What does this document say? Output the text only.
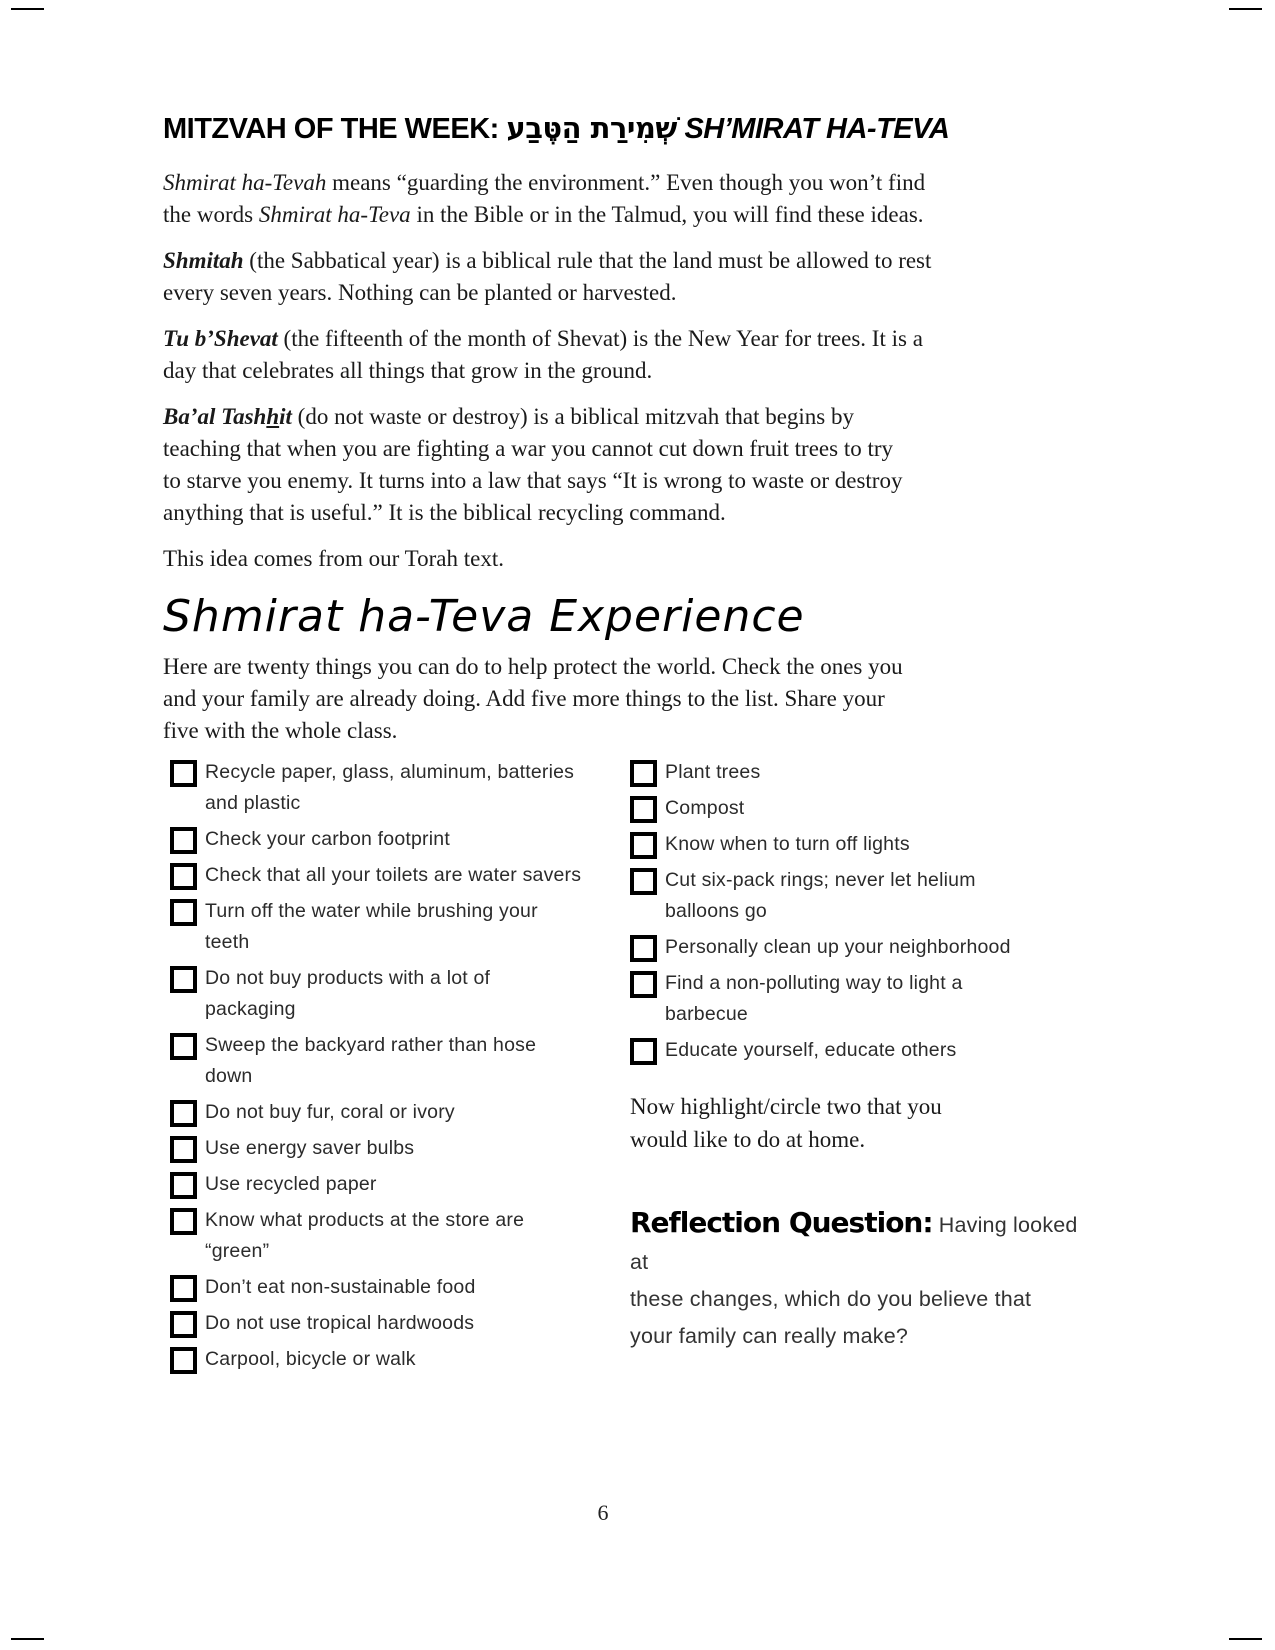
MITZVAH OF THE WEEK: שְׁמִירַת הַטֶּבַע SH’MIRAT HA-TEVA

Shmirat ha-Tevah means “guarding the environment.” Even though you won’t find
the words Shmirat ha-Teva in the Bible or in the Talmud, you will find these ideas.

Shmitah (the Sabbatical year) is a biblical rule that the land must be allowed to rest
every seven years. Nothing can be planted or harvested.

Tu b’Shevat (the fifteenth of the month of Shevat) is the New Year for trees. It is a
day that celebrates all things that grow in the ground.

Ba’al Tashhit (do not waste or destroy) is a biblical mitzvah that begins by
teaching that when you are fighting a war you cannot cut down fruit trees to try
to starve you enemy. It turns into a law that says “It is wrong to waste or destroy
anything that is useful.” It is the biblical recycling command.

This idea comes from our Torah text.

Shmirat ha-Teva Experience

Here are twenty things you can do to help protect the world. Check the ones you
and your family are already doing. Add five more things to the list. Share your
five with the whole class.

Recycle paper, glass, aluminum, batteries
and plastic
Check your carbon footprint
Check that all your toilets are water savers
Turn off the water while brushing your
teeth
Do not buy products with a lot of
packaging
Sweep the backyard rather than hose
down
Do not buy fur, coral or ivory
Use energy saver bulbs
Use recycled paper
Know what products at the store are
“green”
Don’t eat non-sustainable food
Do not use tropical hardwoods
Carpool, bicycle or walk
Plant trees
Compost
Know when to turn off lights
Cut six-pack rings; never let helium
balloons go
Personally clean up your neighborhood
Find a non-polluting way to light a
barbecue
Educate yourself, educate others

Now highlight/circle two that you
would like to do at home.

Reflection Question: Having looked at
these changes, which do you believe that
your family can really make?
6
